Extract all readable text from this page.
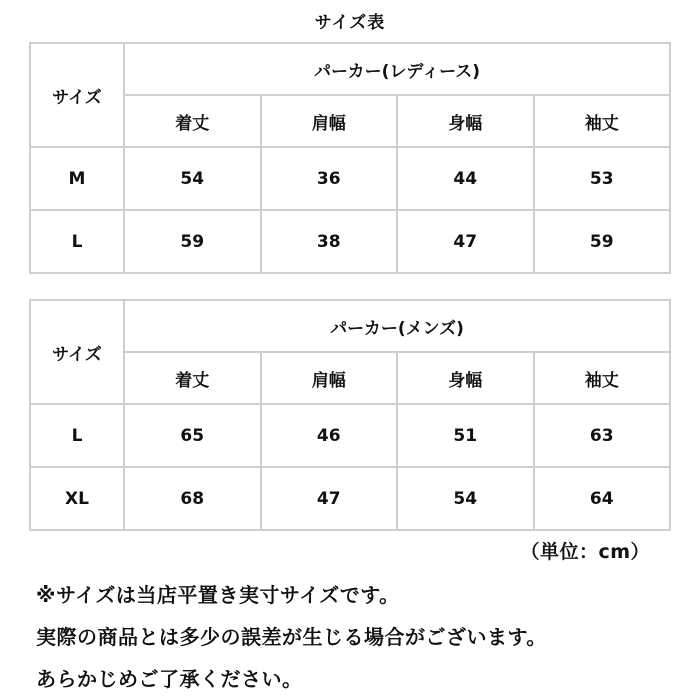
サイズ表
サイズ	パーカー(レディース)			
	着丈	肩幅	身幅	袖丈
M	54	36	44	53
L	59	38	47	59
サイズ	パーカー(メンズ)			
	着丈	肩幅	身幅	袖丈
L	65	46	51	63
XL	68	47	54	64
（単位：cm）
※サイズは当店平置き実寸サイズです。
実際の商品とは多少の誤差が生じる場合がございます。
あらかじめご了承ください。
